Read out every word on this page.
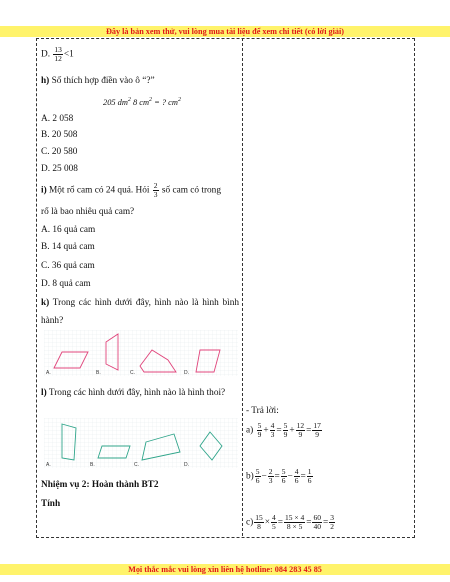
Đây là bản xem thử, vui lòng mua tài liệu để xem chi tiết (có lời giải)
D. $\frac{13}{12} <1$
h) Số thích hợp điền vào ô “?”
205 $dm^2$ 8 $cm^2$ = ? $cm^2$
A. 2 058
B. 20 508
C. 20 580
D. 25 008
i) Một rổ cam có 24 quả. Hỏi $\frac{2}{3}$ số cam có trong
rổ là bao nhiêu quả cam?
A. 16 quả cam
B. 14 quả cam
C. 36 quả cam
D. 8 quả cam
k) Trong các hình dưới đây, hình nào là hình bình hành?
l) Trong các hình dưới đây, hình nào là hình thoi?
Nhiệm vụ 2: Hoàn thành BT2
Tính
A.	B.	C.	D.
A.	B.	C.	D.
- Trả lời:
$a) \frac{5}{9} + \frac{4}{3} = \frac{5}{9} + \frac{12}{9} = \frac{17}{9}$
$b) \frac{5}{6} - \frac{2}{3} = \frac{5}{6} - \frac{4}{6} = \frac{1}{6}$
$c) \frac{15}{8} \times \frac{4}{5} = \frac{15 \times 4}{8 \times 5} = \frac{60}{40} = \frac{3}{2}$
Mọi thắc mắc vui lòng xin liên hệ hotline: 084 283 45 85
